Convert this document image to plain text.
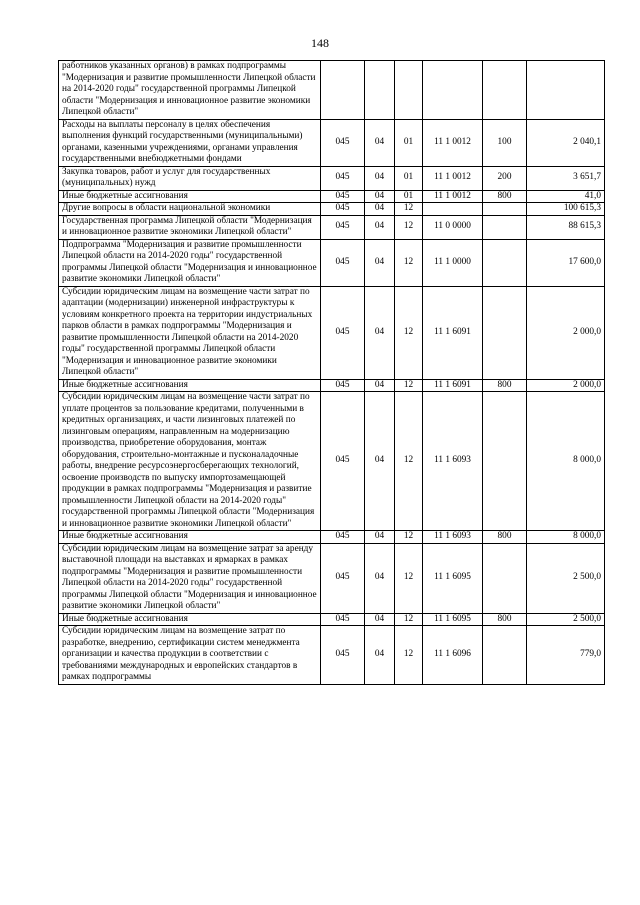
148
работников указанных органов) в рамках подпрограммы "Модернизация и развитие промышленности Липецкой области на 2014-2020 годы" государственной программы Липецкой области "Модернизация и инновационное развитие экономики Липецкой области"						
Расходы на выплаты персоналу в целях обеспечения выполнения функций государственными (муниципальными) органами, казенными учреждениями, органами управления государственными внебюджетными фондами	045	04	01	11 1 0012	100	2 040,1
Закупка товаров, работ и услуг для государственных (муниципальных) нужд	045	04	01	11 1 0012	200	3 651,7
Иные бюджетные ассигнования	045	04	01	11 1 0012	800	41,0
Другие вопросы в области национальной экономики	045	04	12			100 615,3
Государственная программа Липецкой области "Модернизация и инновационное развитие экономики Липецкой области"	045	04	12	11 0 0000		88 615,3
Подпрограмма "Модернизация и развитие промышленности Липецкой области на 2014-2020 годы" государственной программы Липецкой области "Модернизация и инновационное развитие экономики Липецкой области"	045	04	12	11 1 0000		17 600,0
Субсидии юридическим лицам на возмещение части затрат по адаптации (модернизации) инженерной инфраструктуры к условиям конкретного проекта на территории индустриальных парков области в рамках подпрограммы "Модернизация и развитие промышленности Липецкой области на 2014-2020 годы" государственной программы Липецкой области "Модернизация и инновационное развитие экономики Липецкой области"	045	04	12	11 1 6091		2 000,0
Иные бюджетные ассигнования	045	04	12	11 1 6091	800	2 000,0
Субсидии юридическим лицам на возмещение части затрат по уплате процентов за пользование кредитами, полученными в кредитных организациях, и части лизинговых платежей по лизинговым операциям, направленным на модернизацию производства, приобретение оборудования, монтаж оборудования, строительно-монтажные и пусконаладочные работы, внедрение ресурсоэнергосберегающих технологий, освоение производств по выпуску импортозамещающей продукции в рамках подпрограммы "Модернизация и развитие промышленности Липецкой области на 2014-2020 годы" государственной программы Липецкой области "Модернизация и инновационное развитие экономики Липецкой области"	045	04	12	11 1 6093		8 000,0
Иные бюджетные ассигнования	045	04	12	11 1 6093	800	8 000,0
Субсидии юридическим лицам на возмещение затрат за аренду выставочной площади на выставках и ярмарках в рамках подпрограммы "Модернизация и развитие промышленности Липецкой области на 2014-2020 годы" государственной программы Липецкой области "Модернизация и инновационное развитие экономики Липецкой области"	045	04	12	11 1 6095		2 500,0
Иные бюджетные ассигнования	045	04	12	11 1 6095	800	2 500,0
Субсидии юридическим лицам на возмещение затрат по разработке, внедрению, сертификации систем менеджмента организации и качества продукции в соответствии с требованиями международных и европейских стандартов в рамках подпрограммы	045	04	12	11 1 6096		779,0
